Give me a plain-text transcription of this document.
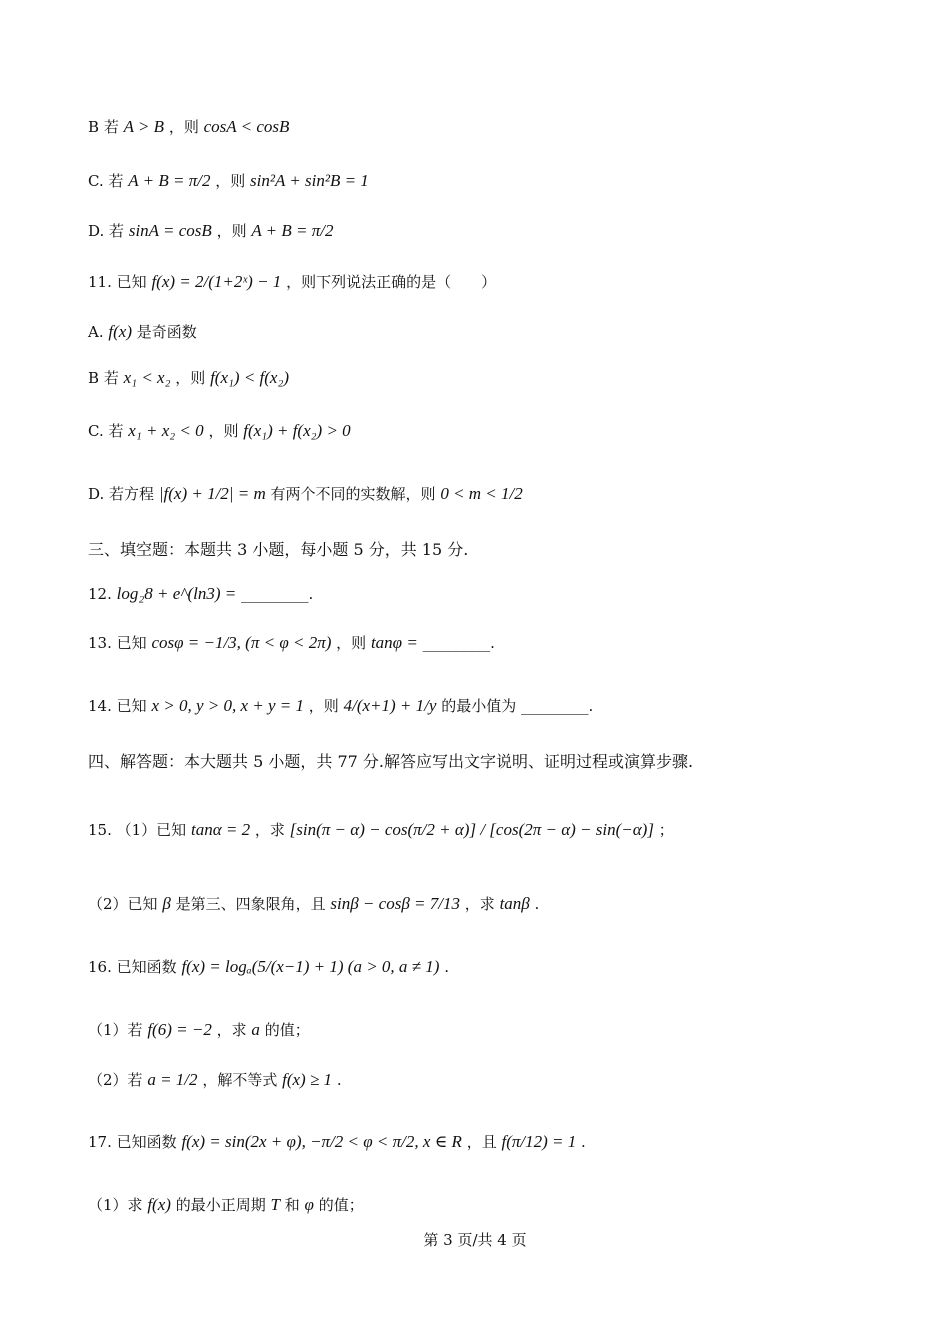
B 若 A > B ，则 cosA < cosB
C. 若 A + B = π/2 ，则 sin²A + sin²B = 1
D. 若 sinA = cosB ，则 A + B = π/2
11. 已知 f(x) = 2/(1+2ˣ) − 1 ，则下列说法正确的是（　　）
A. f(x) 是奇函数
B 若 x₁ < x₂ ，则 f(x₁) < f(x₂)
C. 若 x₁ + x₂ < 0 ，则 f(x₁) + f(x₂) > 0
D. 若方程 |f(x) + 1/2| = m 有两个不同的实数解，则 0 < m < 1/2
三、填空题：本题共 3 小题，每小题 5 分，共 15 分.
12. log₂8 + e^(ln3) = _________.
13. 已知 cosφ = −1/3, (π < φ < 2π) ，则 tanφ = _________.
14. 已知 x > 0, y > 0, x + y = 1 ，则 4/(x+1) + 1/y 的最小值为 _________.
四、解答题：本大题共 5 小题，共 77 分.解答应写出文字说明、证明过程或演算步骤.
15. （1）已知 tanα = 2 ，求 [sin(π − α) − cos(π/2 + α)] / [cos(2π − α) − sin(−α)] ；
（2）已知 β 是第三、四象限角，且 sinβ − cosβ = 7/13 ，求 tanβ .
16. 已知函数 f(x) = logₐ(5/(x−1) + 1) (a > 0, a ≠ 1) .
（1）若 f(6) = −2 ，求 a 的值；
（2）若 a = 1/2 ，解不等式 f(x) ≥ 1 .
17. 已知函数 f(x) = sin(2x + φ), −π/2 < φ < π/2, x ∈ R ，且 f(π/12) = 1 .
（1）求 f(x) 的最小正周期 T 和 φ 的值；
第 3 页/共 4 页
